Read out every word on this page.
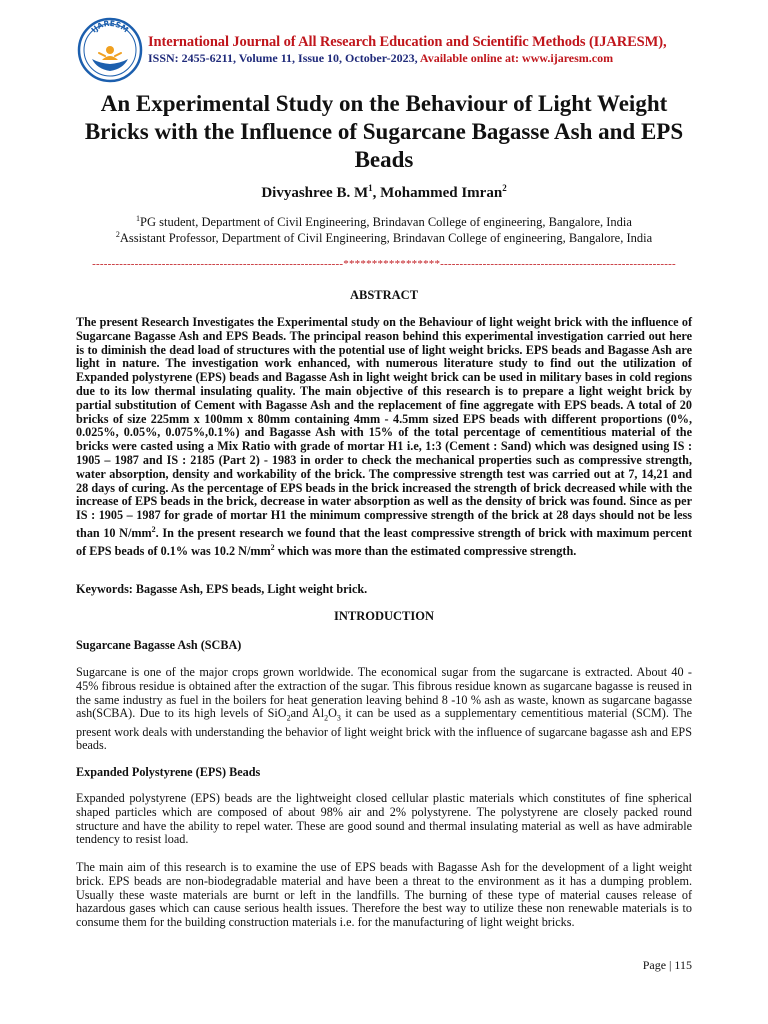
IJARESM
International Journal of All Research Education and Scientific Methods (IJARESM),
ISSN: 2455-6211, Volume 11, Issue 10, October-2023, Available online at: www.ijaresm.com
An Experimental Study on the Behaviour of Light Weight Bricks with the Influence of Sugarcane Bagasse Ash and EPS Beads
Divyashree B. $M^1$, Mohammed Imran$^2$
$^1$PG student, Department of Civil Engineering, Brindavan College of engineering, Bangalore, India
$^2$Assistant Professor, Department of Civil Engineering, Brindavan College of engineering, Bangalore, India
-----------------------------------------------------------------*****************-------------------------------------------------------------
ABSTRACT
The present Research Investigates the Experimental study on the Behaviour of light weight brick with the influence of Sugarcane Bagasse Ash and EPS Beads. The principal reason behind this experimental investigation carried out here is to diminish the dead load of structures with the potential use of light weight bricks. EPS beads and Bagasse Ash are light in nature. The investigation work enhanced, with numerous literature study to find out the utilization of Expanded polystyrene (EPS) beads and Bagasse Ash in light weight brick can be used in military bases in cold regions due to its low thermal insulating quality. The main objective of this research is to prepare a light weight brick by partial substitution of Cement with Bagasse Ash and the replacement of fine aggregate with EPS beads. A total of 20 bricks of size 225mm x 100mm x 80mm containing 4mm - 4.5mm sized EPS beads with different proportions (0%, 0.025%, 0.05%, 0.075%,0.1%) and Bagasse Ash with 15% of the total percentage of cementitious material of the bricks were casted using a Mix Ratio with grade of mortar H1 i.e, 1:3 (Cement : Sand) which was designed using IS : 1905 – 1987 and IS : 2185 (Part 2) - 1983 in order to check the mechanical properties such as compressive strength, water absorption, density and workability of the brick. The compressive strength test was carried out at 7, 14,21 and 28 days of curing. As the percentage of EPS beads in the brick increased the strength of brick decreased while with the increase of EPS beads in the brick, decrease in water absorption as well as the density of brick was found. Since as per IS : 1905 – 1987 for grade of mortar H1 the minimum compressive strength of the brick at 28 days should not be less than 10 $N/mm^2$. In the present research we found that the least compressive strength of brick with maximum percent of EPS beads of 0.1% was 10.2 $N/mm^2$ which was more than the estimated compressive strength.
Keywords: Bagasse Ash, EPS beads, Light weight brick.
INTRODUCTION
Sugarcane Bagasse Ash (SCBA)
Sugarcane is one of the major crops grown worldwide. The economical sugar from the sugarcane is extracted. About 40 - 45% fibrous residue is obtained after the extraction of the sugar. This fibrous residue known as sugarcane bagasse is reused in the same industry as fuel in the boilers for heat generation leaving behind 8 -10 % ash as waste, known as sugarcane bagasse ash(SCBA). Due to its high levels of SiO$_2$and $Al_2O_3$ it can be used as a supplementary cementitious material (SCM). The present work deals with understanding the behavior of light weight brick with the influence of sugarcane bagasse ash and EPS beads.
Expanded Polystyrene (EPS) Beads
Expanded polystyrene (EPS) beads are the lightweight closed cellular plastic materials which constitutes of fine spherical shaped particles which are composed of about 98% air and 2% polystyrene. The polystyrene are closely packed round structure and have the ability to repel water. These are good sound and thermal insulating material as well as have admirable tendency to resist load.
The main aim of this research is to examine the use of EPS beads with Bagasse Ash for the development of a light weight brick. EPS beads are non-biodegradable material and have been a threat to the environment as it has a dumping problem. Usually these waste materials are burnt or left in the landfills. The burning of these type of material causes release of hazardous gases which can cause serious health issues. Therefore the best way to utilize these non renewable materials is to consume them for the building construction materials i.e. for the manufacturing of light weight bricks.
Page | 115
